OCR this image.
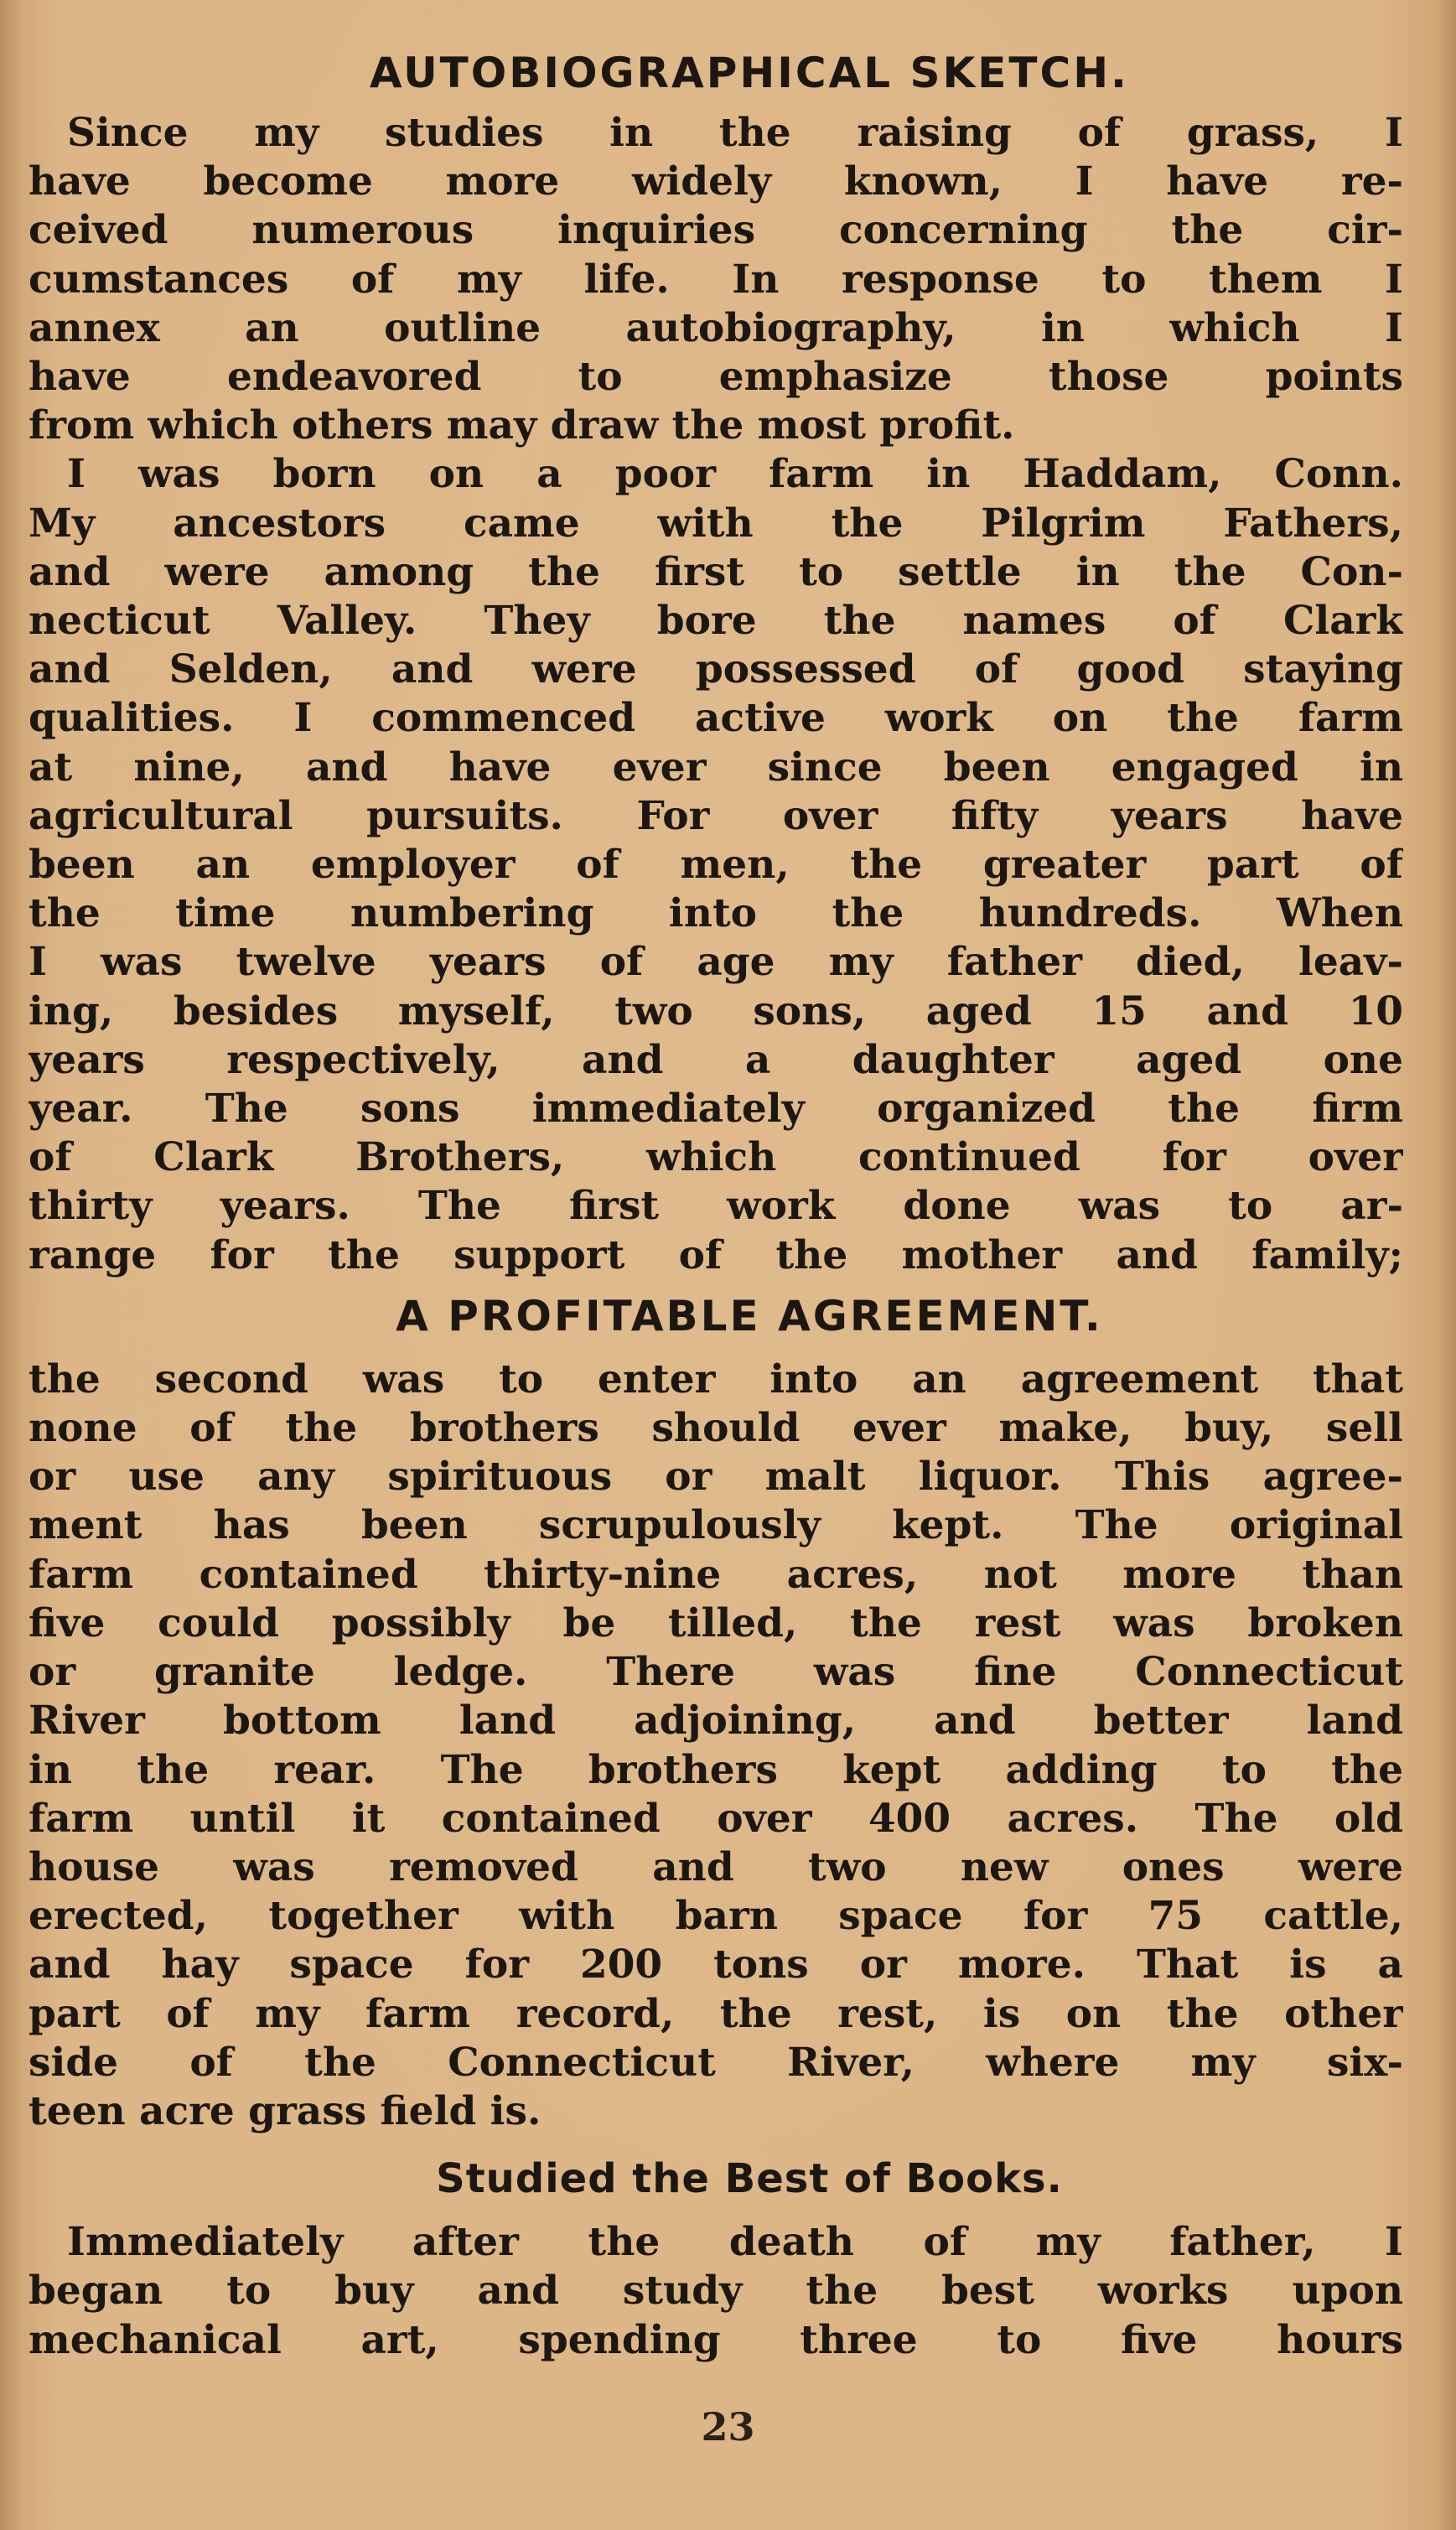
AUTOBIOGRAPHICAL SKETCH.
Since my studies in the raising of grass, I
have become more widely known, I have re-
ceived numerous inquiries concerning the cir-
cumstances of my life. In response to them I
annex an outline autobiography, in which I
have endeavored to emphasize those points
from which others may draw the most profit.
I was born on a poor farm in Haddam, Conn.
My ancestors came with the Pilgrim Fathers,
and were among the first to settle in the Con-
necticut Valley. They bore the names of Clark
and Selden, and were possessed of good staying
qualities. I commenced active work on the farm
at nine, and have ever since been engaged in
agricultural pursuits. For over fifty years have
been an employer of men, the greater part of
the time numbering into the hundreds. When
I was twelve years of age my father died, leav-
ing, besides myself, two sons, aged 15 and 10
years respectively, and a daughter aged one
year. The sons immediately organized the firm
of Clark Brothers, which continued for over
thirty years. The first work done was to ar-
range for the support of the mother and family;
A PROFITABLE AGREEMENT.
the second was to enter into an agreement that
none of the brothers should ever make, buy, sell
or use any spirituous or malt liquor. This agree-
ment has been scrupulously kept. The original
farm contained thirty-nine acres, not more than
five could possibly be tilled, the rest was broken
or granite ledge. There was fine Connecticut
River bottom land adjoining, and better land
in the rear. The brothers kept adding to the
farm until it contained over 400 acres. The old
house was removed and two new ones were
erected, together with barn space for 75 cattle,
and hay space for 200 tons or more. That is a
part of my farm record, the rest, is on the other
side of the Connecticut River, where my six-
teen acre grass field is.
Studied the Best of Books.
Immediately after the death of my father, I
began to buy and study the best works upon
mechanical art, spending three to five hours
23
